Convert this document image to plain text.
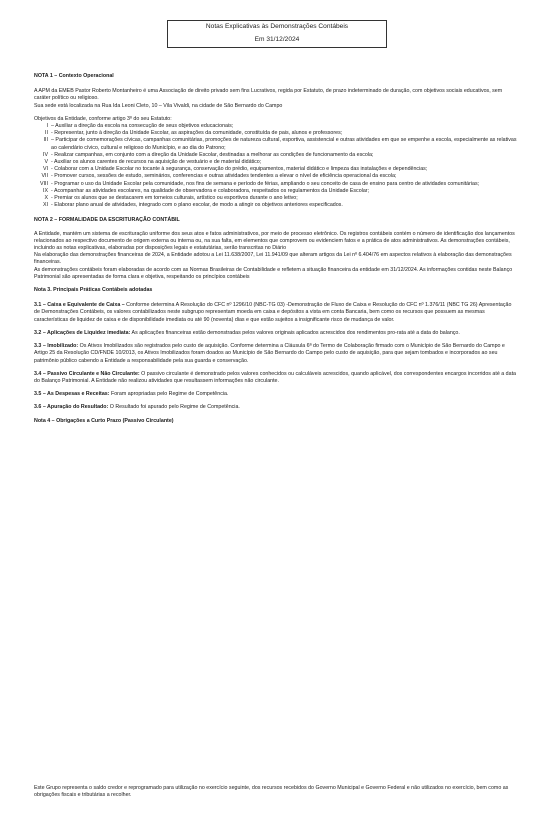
Notas Explicativas às Demonstrações Contábeis
Em 31/12/2024
NOTA 1 – Contexto Operacional
A APM da EMEB Pastor Roberto Montanheiro é uma Associação de direito privado sem fins Lucrativos, regida por Estatuto, de prazo indeterminado de duração, com objetivos sociais educativos, sem caráter político ou religioso.
Sua sede está localizada na Rua Ida Leoni Cleto, 10 – Vila Vivaldi, na cidade de São Bernardo do Campo
Objetivos da Entidade, conforme artigo 3º do seu Estatuto:
I – Auxiliar a direção da escola na consecução de seus objetivos educacionais;
II - Representar, junto à direção da Unidade Escolar, as aspirações da comunidade, constituída de pais, alunos e professores;
III – Participar de comemorações cívicas, campanhas comunitárias, promoções de natureza cultural, esportiva, assistencial e outras atividades em que se empenhe a escola, especialmente as relativas ao calendário cívico, cultural e religioso do Município, e ao dia do Patrono;
IV - Realizar campanhas, em conjunto com a direção da Unidade Escolar, destinadas a melhorar as condições de funcionamento da escola;
V - Auxiliar os alunos carentes de recursos na aquisição de vestuário e de material didático;
VI - Colaborar com a Unidade Escolar no tocante à segurança, conservação do prédio, equipamentos, material didático e limpeza das instalações e dependências;
VII - Promover cursos, sessões de estudo, seminários, conferencias e outras atividades tendentes a elevar o nível de eficiência operacional da escola;
VIII - Programar o uso da Unidade Escolar pela comunidade, nos fins de semana e período de férias, ampliando o seu conceito de casa de ensino para centro de atividades comunitárias;
IX - Acompanhar as atividades escolares, na qualidade de observadora e colaboradora, respeitados os regulamentos da Unidade Escolar;
X - Premiar os alunos que se destacarem em torneios culturais, artístico ou esportivos durante o ano letivo;
XI - Elaborar plano anual de atividades, integrado com o plano escolar, de modo a atingir os objetivos anteriores especificados.
NOTA 2 – FORMALIDADE DA ESCRITURAÇÃO CONTÁBIL
A Entidade, mantém um sistema de escrituração uniforme dos seus atos e fatos administrativos, por meio de processo eletrônico. Os registros contábeis contém o número de identificação dos lançamentos relacionados ao respectivo documento de origem externa ou interna ou, na sua falta, em elementos que comprovem ou evidenciem fatos e a prática de atos administrativos. As demonstrações contábeis, incluindo as notas explicativas, elaboradas por disposições legais e estatutárias, serão transcritas no Diário
Na elaboração das demonstrações financeiras de 2024, a Entidade adotou a Lei 11.638/2007, Lei 11.941/09 que alteram artigos da Lei nº 6.404/76 em aspectos relativos à elaboração das demonstrações financeiras.
As demonstrações contábeis foram elaboradas de acordo com as Normas Brasileiras de Contabilidade e refletem a situação financeira da entidade em 31/12/2024. As informações contidas neste Balanço Patrimonial são apresentadas de forma clara e objetiva, respeitando os princípios contábeis
Nota 3. Principais Práticas Contábeis adotadas
3.1 – Caixa e Equivalente de Caixa – Conforme determina A Resolução do CFC nº 1296/10 (NBC-TG 03) -Demonstração de Fluxo de Caixa e Resolução do CFC nº 1.376/11 (NBC TG 26) Apresentação de Demonstrações Contábeis, os valores contabilizados neste subgrupo representam moeda em caixa e depósitos a vista em conta Bancaria, bem como os recursos que possuem as mesmas características de liquidez de caixa e de disponibilidade imediata ou até 90 (noventa) dias e que estão sujeitos a insignificante risco de mudança de valor.
3.2 – Aplicações de Liquidez imediata: As aplicações financeiras estão demonstradas pelos valores originais aplicados acrescidos dos rendimentos pro-rata até a data do balanço.
3.3 – Imobilizado: Os Ativos Imobilizados são registrados pelo custo de aquisição. Conforme determina a Cláusula 6ª do Termo de Colaboração firmado com o Município de São Bernardo do Campo e Artigo 25 da Resolução CD/FNDE 10/2013, os Ativos Imobilizados foram doados ao Município de São Bernardo do Campo pelo custo de aquisição, para que sejam tombados e incorporados ao seu patrimônio público cabendo a Entidade a responsabilidade pela sua guarda e conservação.
3.4 – Passivo Circulante e Não Circulante: O passivo circulante é demonstrado pelos valores conhecidos ou calculáveis acrescidos, quando aplicável, dos correspondentes encargos incorridos até a data do Balanço Patrimonial. A Entidade não realizou atividades que resultassem informações não circulante.
3.5 – As Despesas e Receitas: Foram apropriadas pelo Regime de Competência.
3.6 – Apuração do Resultado: O Resultado foi apurado pelo Regime de Competência.
Nota 4 – Obrigações a Curto Prazo (Passivo Circulante)
Este Grupo representa o saldo credor e reprogramado para utilização no exercício seguinte, dos recursos recebidos do Governo Municipal e Governo Federal e não utilizados no exercício, bem como as obrigações fiscais e tributárias a recolher.
